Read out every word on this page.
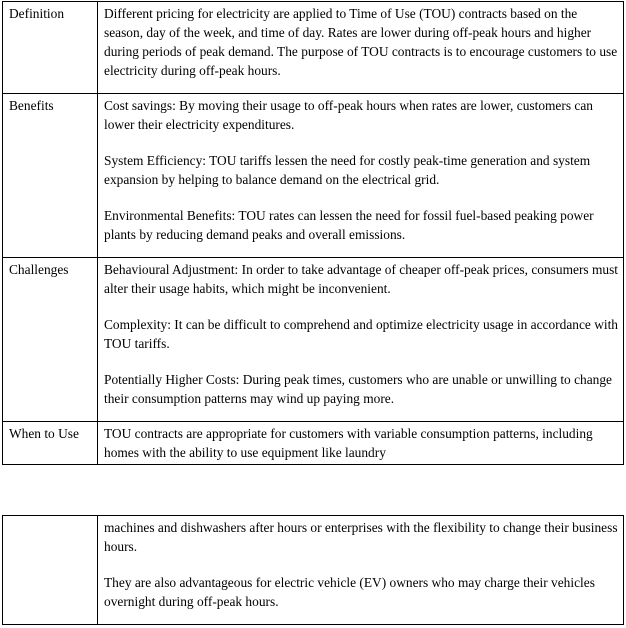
Definition	Different pricing for electricity are applied to Time of Use (TOU) contracts based on the season, day of the week, and time of day. Rates are lower during off-peak hours and higher during periods of peak demand. The purpose of TOU contracts is to encourage customers to use electricity during off-peak hours.

Benefits	Cost savings: By moving their usage to off-peak hours when rates are lower, customers can lower their electricity expenditures.

System Efficiency: TOU tariffs lessen the need for costly peak-time generation and system expansion by helping to balance demand on the electrical grid.

Environmental Benefits: TOU rates can lessen the need for fossil fuel-based peaking power plants by reducing demand peaks and overall emissions.

Challenges	Behavioural Adjustment: In order to take advantage of cheaper off-peak prices, consumers must alter their usage habits, which might be inconvenient.

Complexity: It can be difficult to comprehend and optimize electricity usage in accordance with TOU tariffs.

Potentially Higher Costs: During peak times, customers who are unable or unwilling to change their consumption patterns may wind up paying more.

When to Use	TOU contracts are appropriate for customers with variable consumption patterns, including homes with the ability to use equipment like laundry

machines and dishwashers after hours or enterprises with the flexibility to change their business hours.

They are also advantageous for electric vehicle (EV) owners who may charge their vehicles overnight during off-peak hours.
